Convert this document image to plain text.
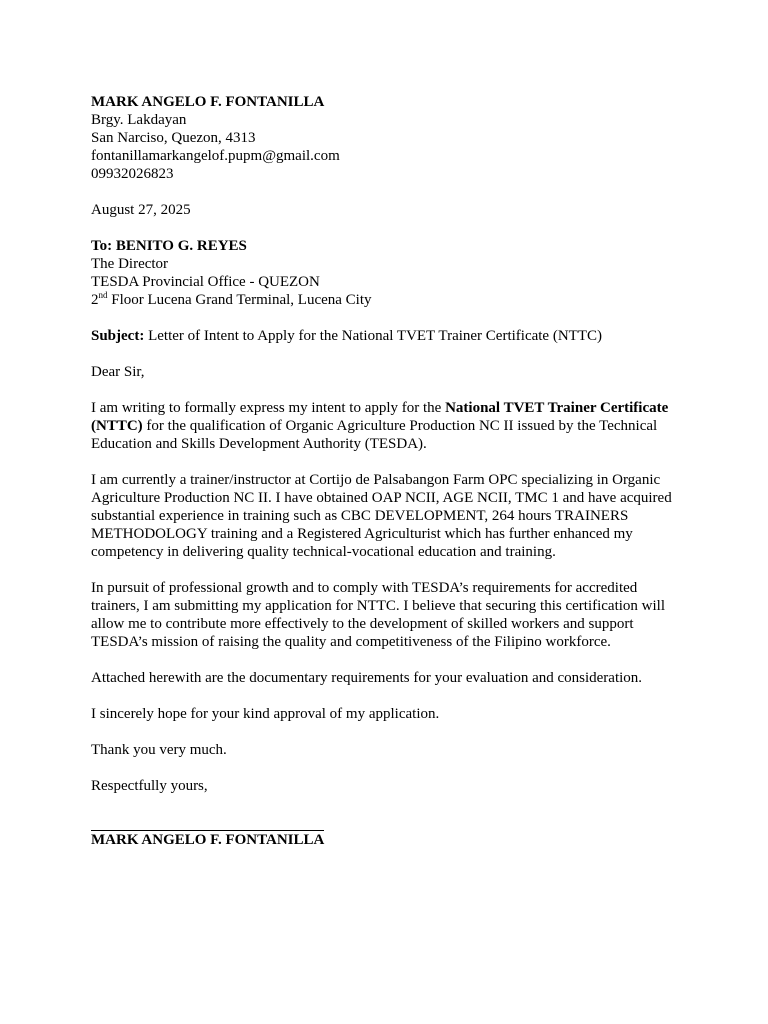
MARK ANGELO F. FONTANILLA
Brgy. Lakdayan
San Narciso, Quezon, 4313
fontanillamarkangelof.pupm@gmail.com
09932026823
August 27, 2025
To: BENITO G. REYES
The Director
TESDA Provincial Office - QUEZON
2nd Floor Lucena Grand Terminal, Lucena City
Subject: Letter of Intent to Apply for the National TVET Trainer Certificate (NTTC)
Dear Sir,
I am writing to formally express my intent to apply for the National TVET Trainer Certificate (NTTC) for the qualification of Organic Agriculture Production NC II issued by the Technical Education and Skills Development Authority (TESDA).
I am currently a trainer/instructor at Cortijo de Palsabangon Farm OPC specializing in Organic Agriculture Production NC II. I have obtained OAP NCII, AGE NCII, TMC 1 and have acquired substantial experience in training such as CBC DEVELOPMENT, 264 hours TRAINERS METHODOLOGY training and a Registered Agriculturist which has further enhanced my competency in delivering quality technical-vocational education and training.
In pursuit of professional growth and to comply with TESDA’s requirements for accredited trainers, I am submitting my application for NTTC. I believe that securing this certification will allow me to contribute more effectively to the development of skilled workers and support TESDA’s mission of raising the quality and competitiveness of the Filipino workforce.
Attached herewith are the documentary requirements for your evaluation and consideration.
I sincerely hope for your kind approval of my application.
Thank you very much.
Respectfully yours,
MARK ANGELO F. FONTANILLA
